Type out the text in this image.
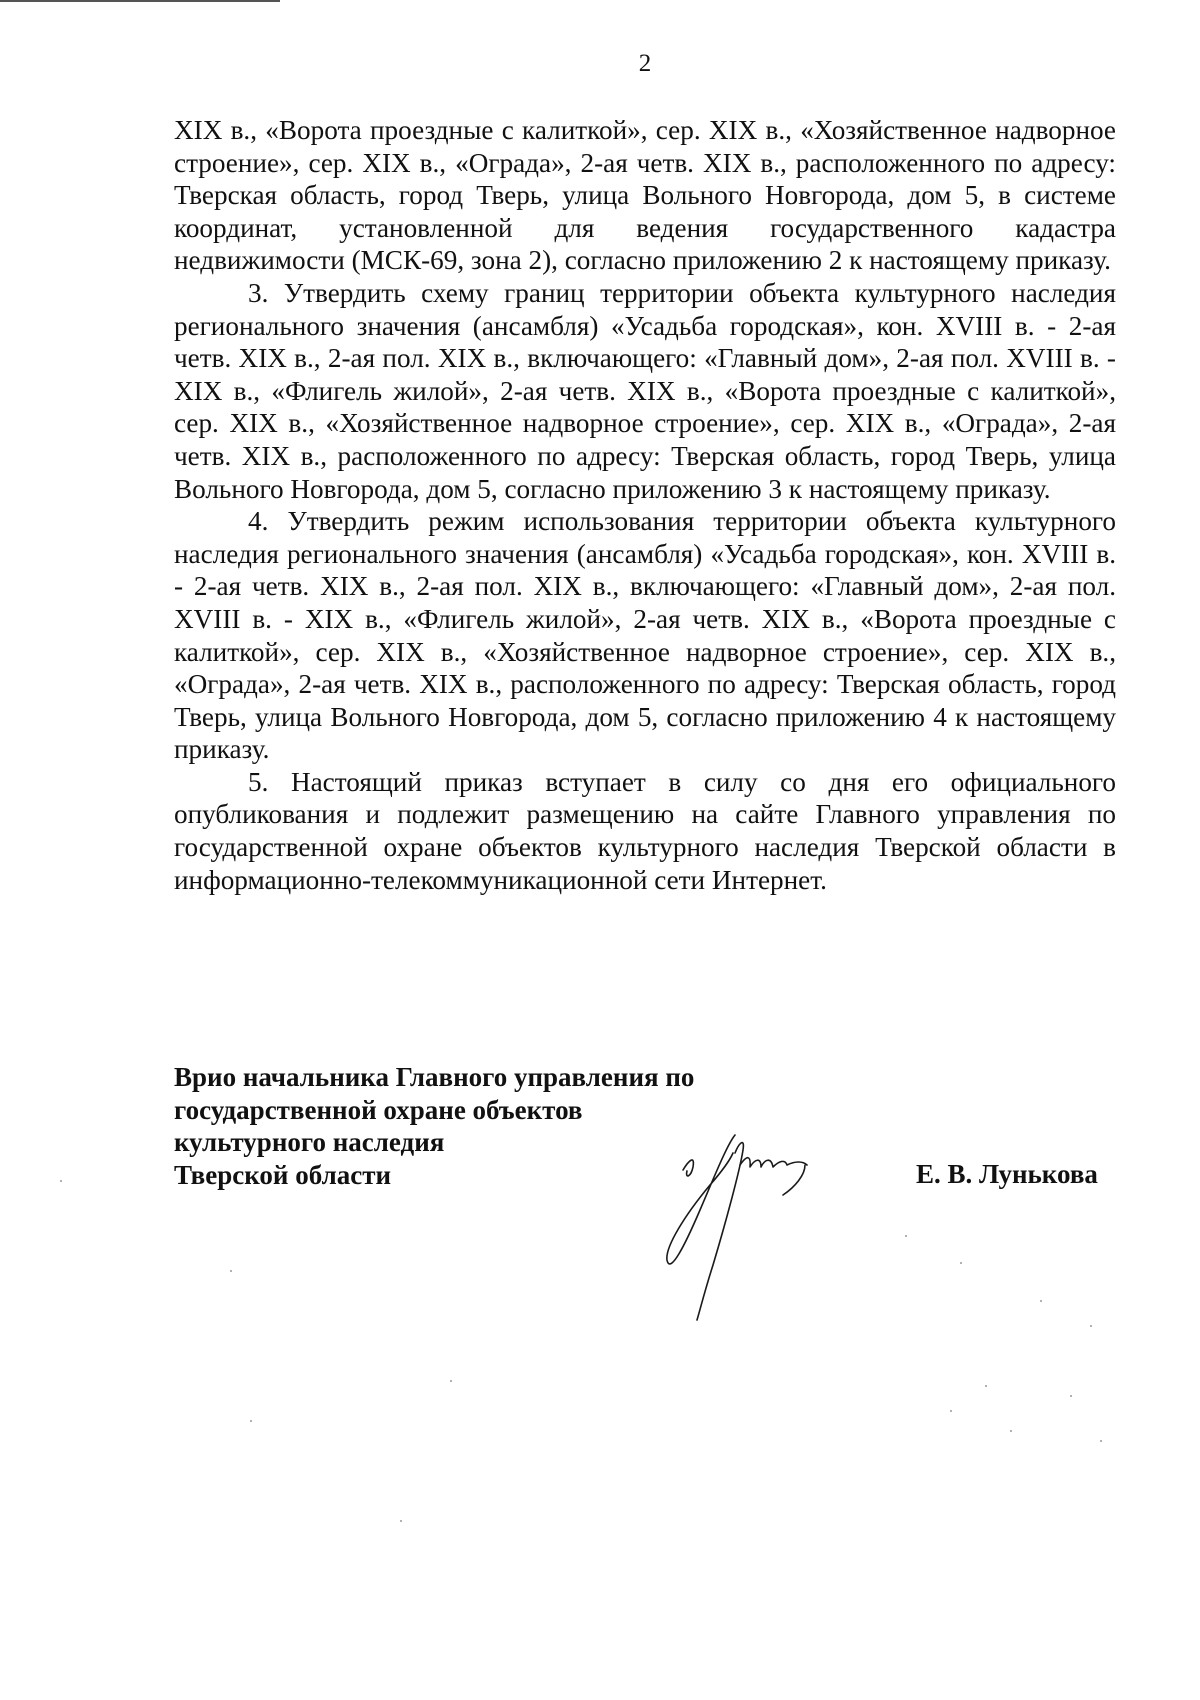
2

XIX в., «Ворота проездные с калиткой», сер. XIX в., «Хозяйственное надворное строение», сер. XIX в., «Ограда», 2-ая четв. XIX в., расположенного по адресу: Тверская область, город Тверь, улица Вольного Новгорода, дом 5, в системе координат, установленной для ведения государственного кадастра недвижимости (МСК-69, зона 2), согласно приложению 2 к настоящему приказу.

3. Утвердить схему границ территории объекта культурного наследия регионального значения (ансамбля) «Усадьба городская», кон. XVIII в. - 2-ая четв. XIX в., 2-ая пол. XIX в., включающего: «Главный дом», 2-ая пол. XVIII в. - XIX в., «Флигель жилой», 2-ая четв. XIX в., «Ворота проездные с калиткой», сер. XIX в., «Хозяйственное надворное строение», сер. XIX в., «Ограда», 2-ая четв. XIX в., расположенного по адресу: Тверская область, город Тверь, улица Вольного Новгорода, дом 5, согласно приложению 3 к настоящему приказу.

4. Утвердить режим использования территории объекта культурного наследия регионального значения (ансамбля) «Усадьба городская», кон. XVIII в. - 2-ая четв. XIX в., 2-ая пол. XIX в., включающего: «Главный дом», 2-ая пол. XVIII в. - XIX в., «Флигель жилой», 2-ая четв. XIX в., «Ворота проездные с калиткой», сер. XIX в., «Хозяйственное надворное строение», сер. XIX в., «Ограда», 2-ая четв. XIX в., расположенного по адресу: Тверская область, город Тверь, улица Вольного Новгорода, дом 5, согласно приложению 4 к настоящему приказу.

5. Настоящий приказ вступает в силу со дня его официального опубликования и подлежит размещению на сайте Главного управления по государственной охране объектов культурного наследия Тверской области в информационно-телекоммуникационной сети Интернет.

Врио начальника Главного управления по
государственной охране объектов
культурного наследия
Тверской области	Е. В. Лунькова
